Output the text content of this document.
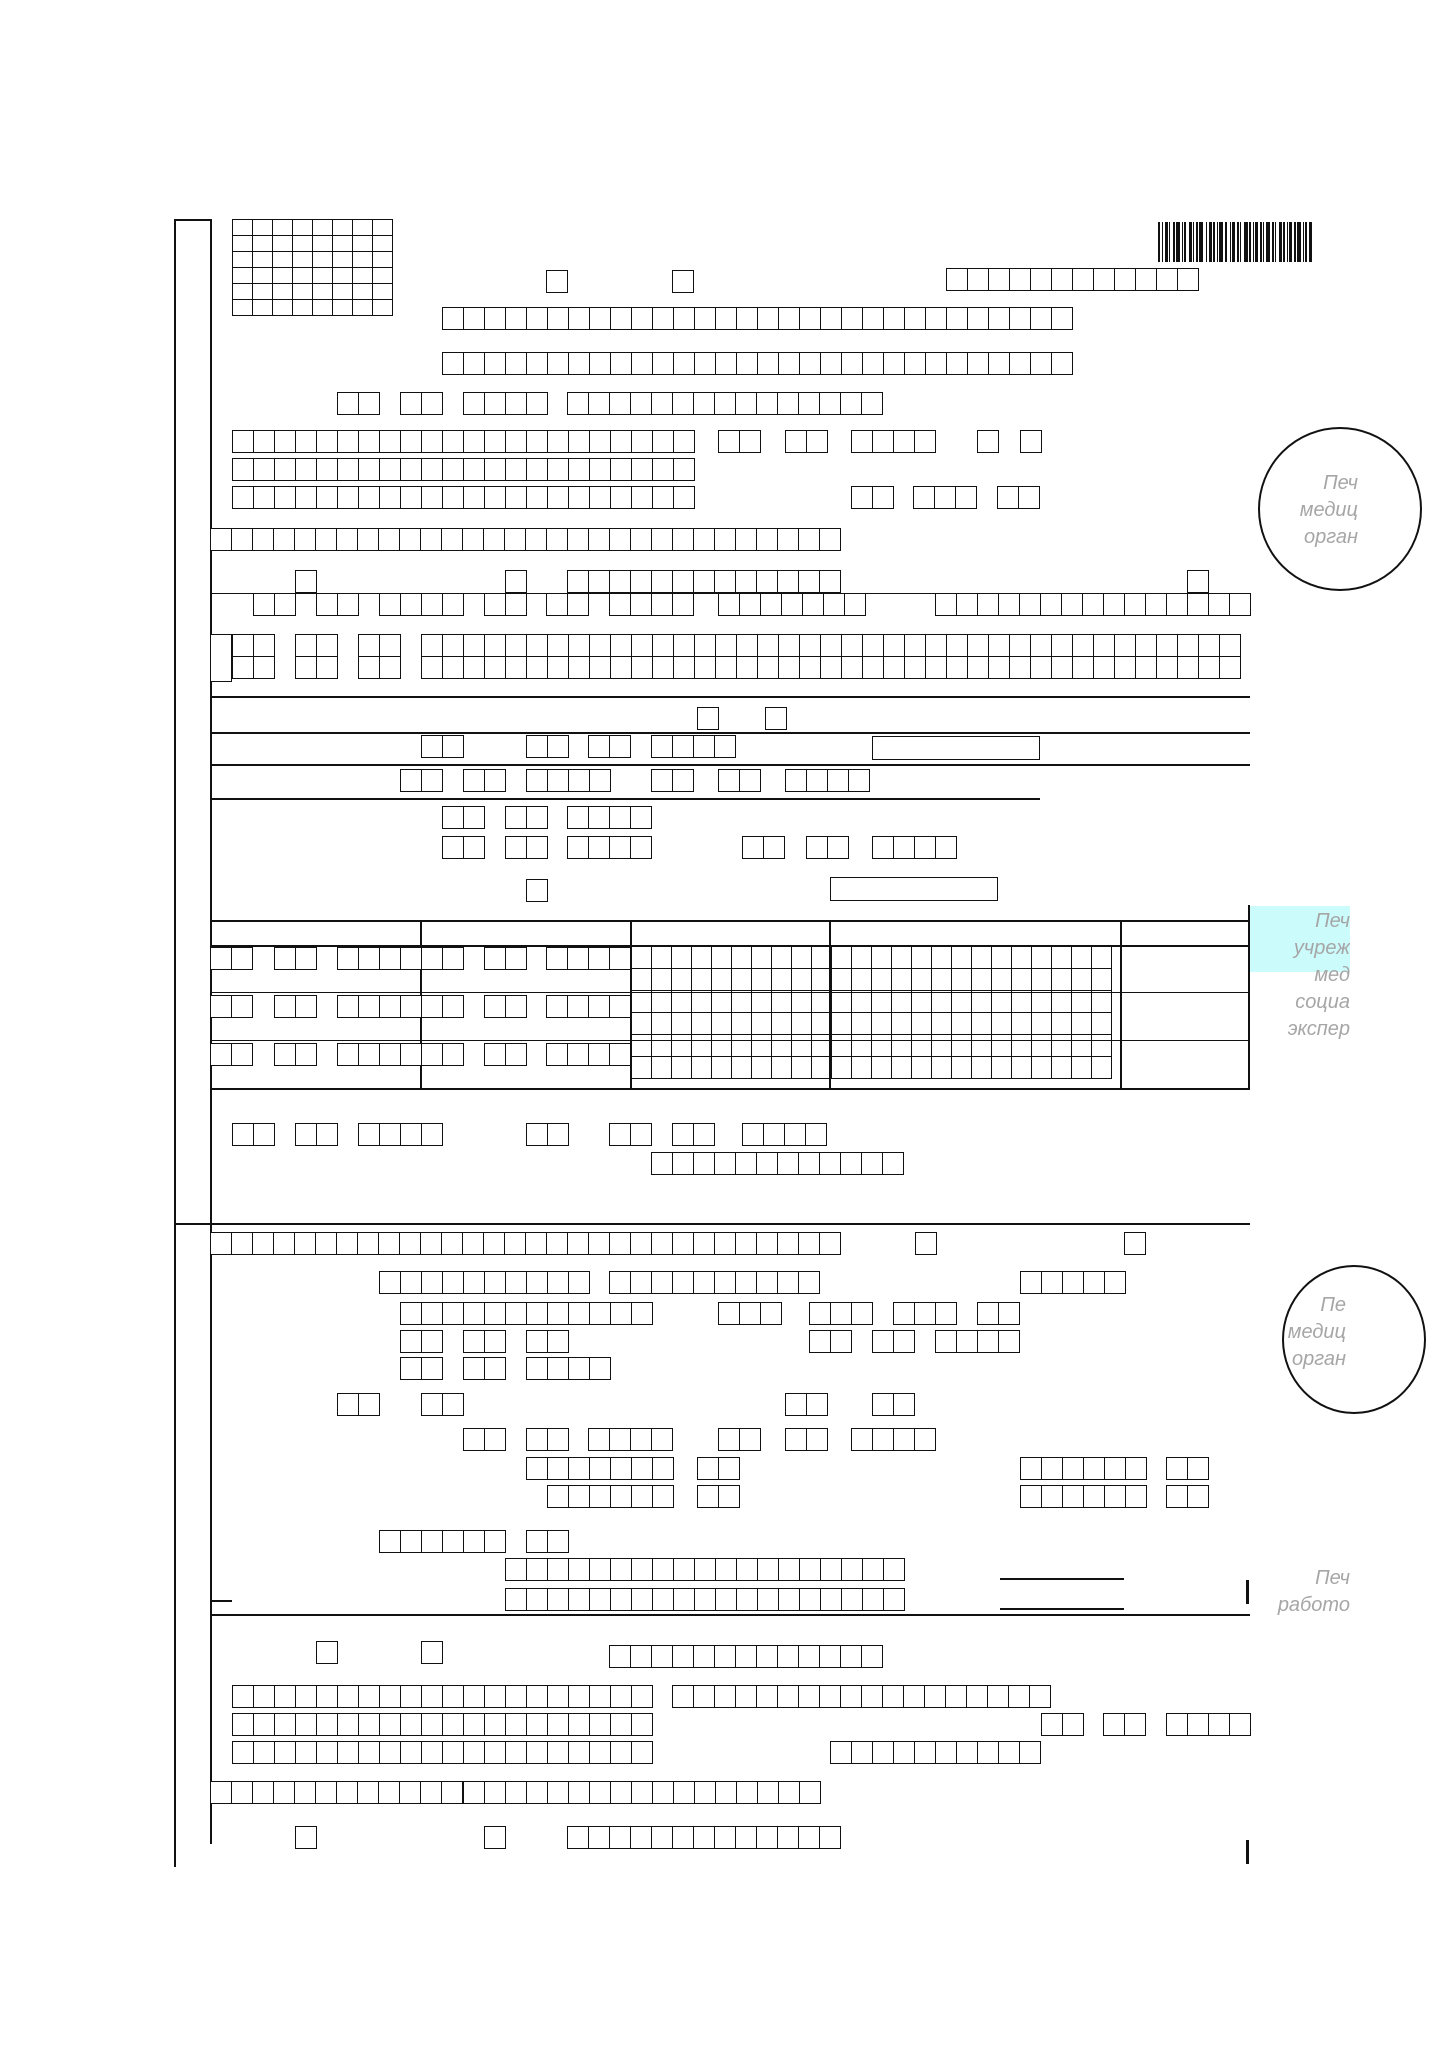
Печ
медиц
орган
Печ
учреж
мед
социа
экспер
Пе
медиц
орган
Печ
работо
